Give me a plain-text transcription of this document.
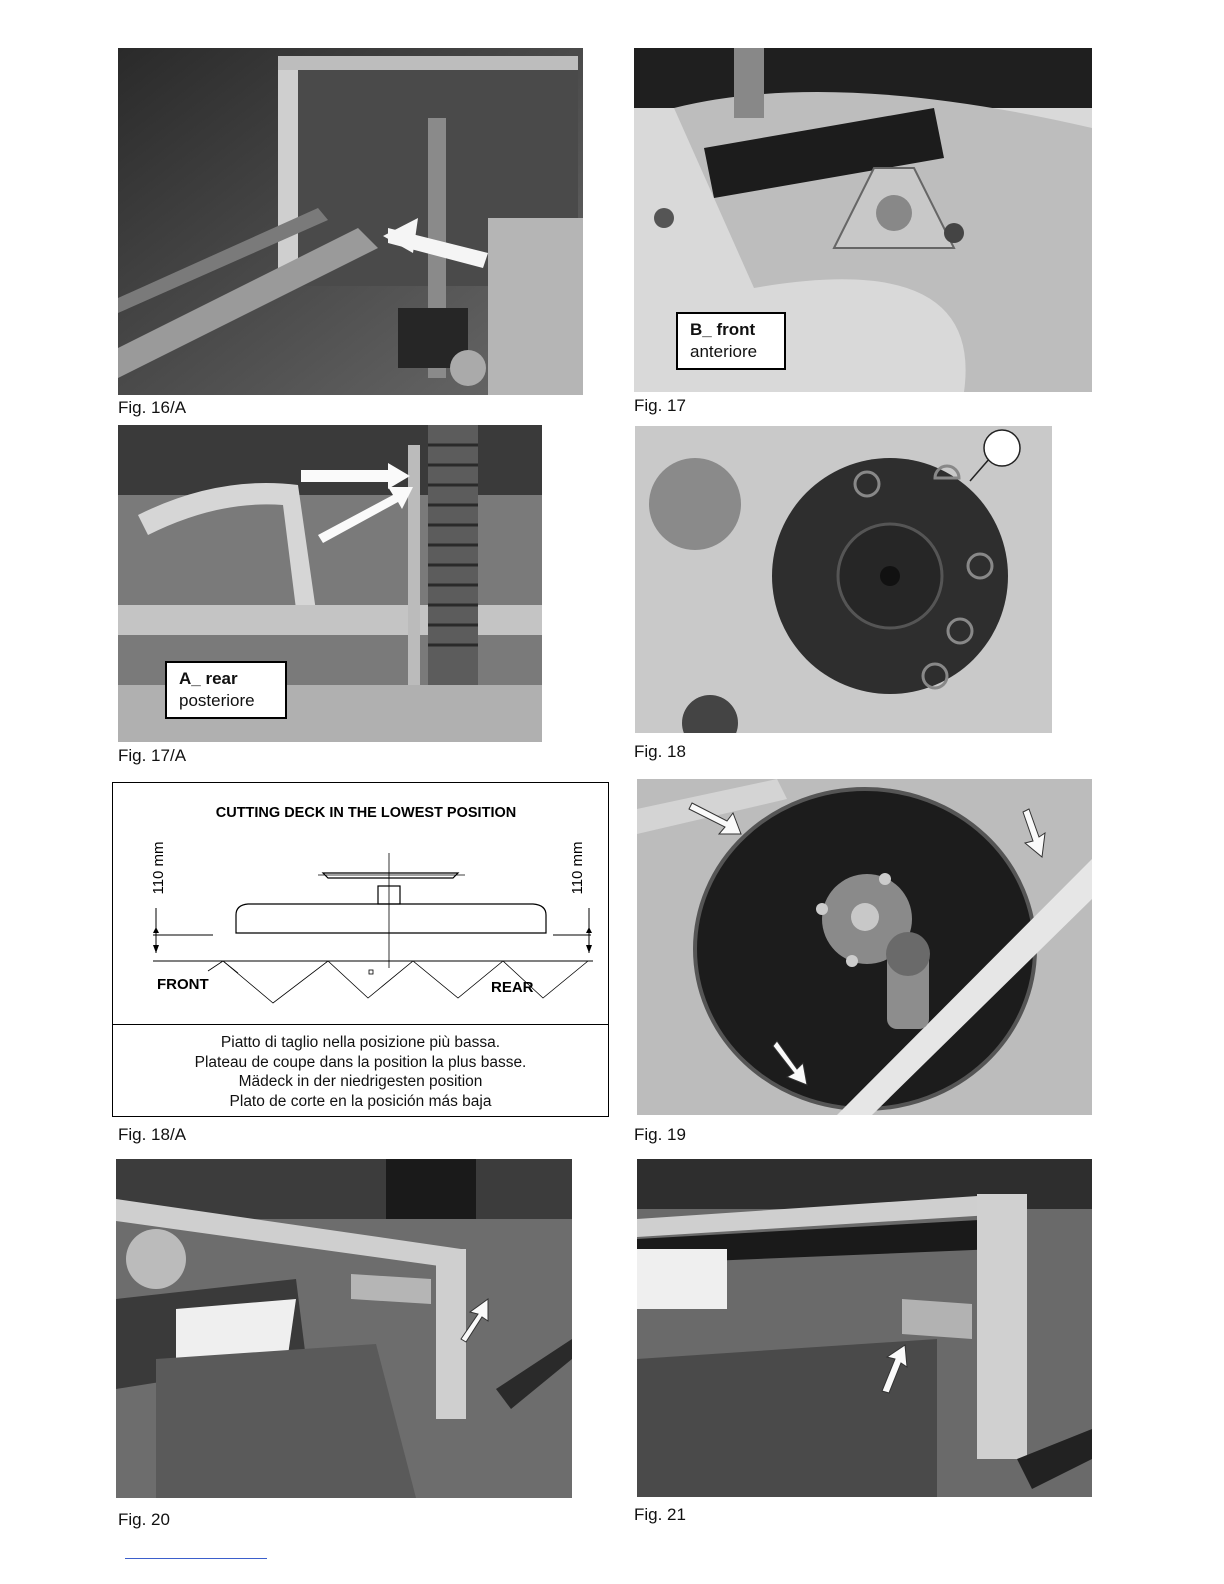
Fig. 16/A
B_ front
anteriore
Fig. 17
A_ rear
posteriore
Fig. 17/A	Fig. 18
CUTTING DECK IN THE LOWEST POSITION
110 mm	110 mm
FRONT	REAR
Piatto di taglio nella posizione più bassa.
Plateau de coupe dans la position la plus basse.
Mädeck in der niedrigesten position
Plato de corte en la posición más baja
Fig. 18/A	Fig. 19
Fig. 20	Fig. 21
